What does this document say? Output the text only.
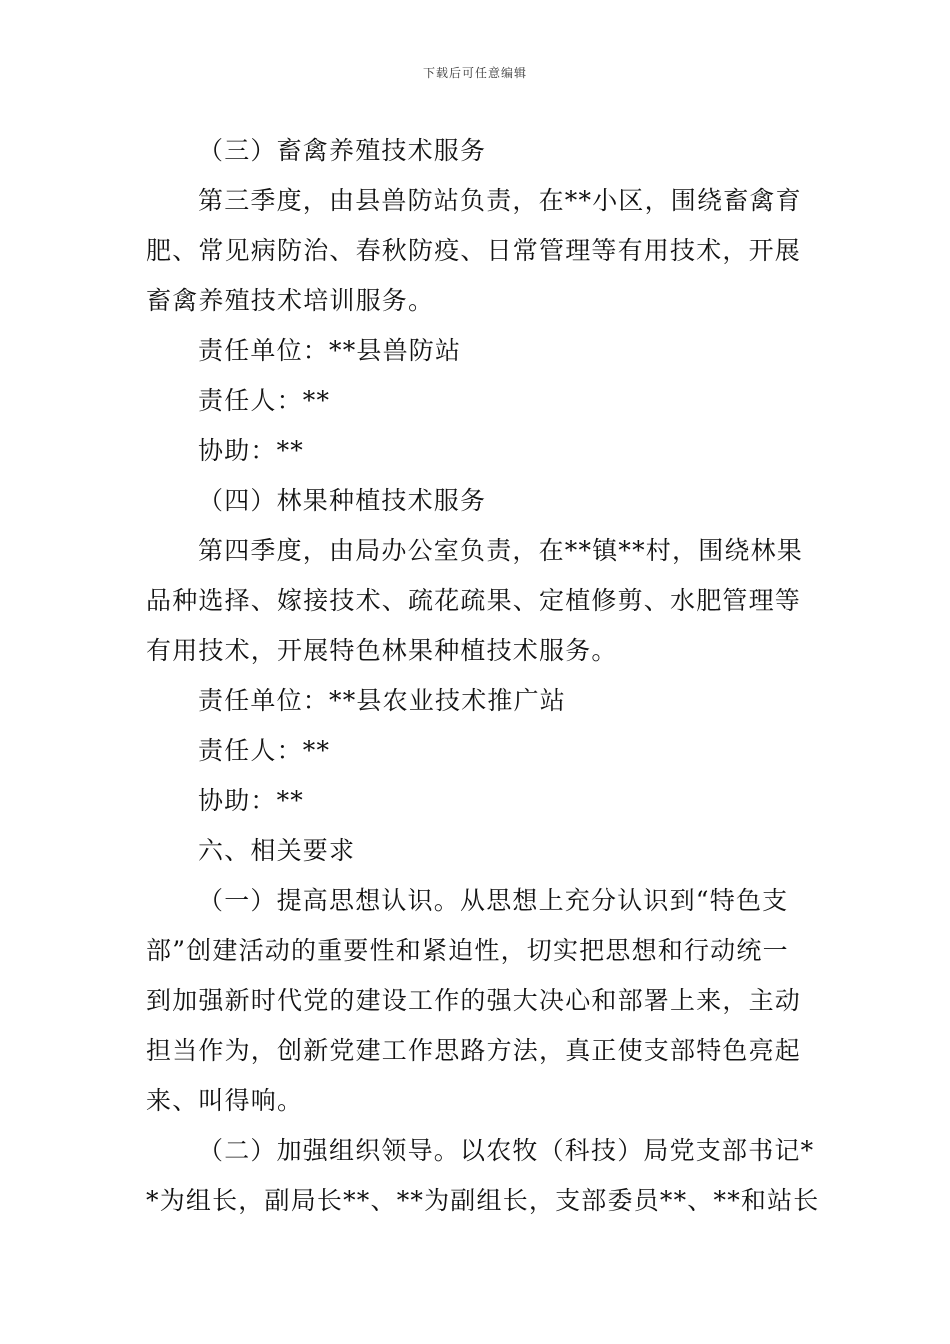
下载后可任意编辑
（三）畜禽养殖技术服务
第三季度，由县兽防站负责，在**小区，围绕畜禽育
肥、常见病防治、春秋防疫、日常管理等有用技术，开展
畜禽养殖技术培训服务。
责任单位：**县兽防站
责任人：**
协助：**
（四）林果种植技术服务
第四季度，由局办公室负责，在**镇**村，围绕林果
品种选择、嫁接技术、疏花疏果、定植修剪、水肥管理等
有用技术，开展特色林果种植技术服务。
责任单位：**县农业技术推广站
责任人：**
协助：**
六、相关要求
（一）提高思想认识。从思想上充分认识到“特色支
部”创建活动的重要性和紧迫性，切实把思想和行动统一
到加强新时代党的建设工作的强大决心和部署上来，主动
担当作为，创新党建工作思路方法，真正使支部特色亮起
来、叫得响。
（二）加强组织领导。以农牧（科技）局党支部书记*
*为组长，副局长**、**为副组长，支部委员**、**和站长
